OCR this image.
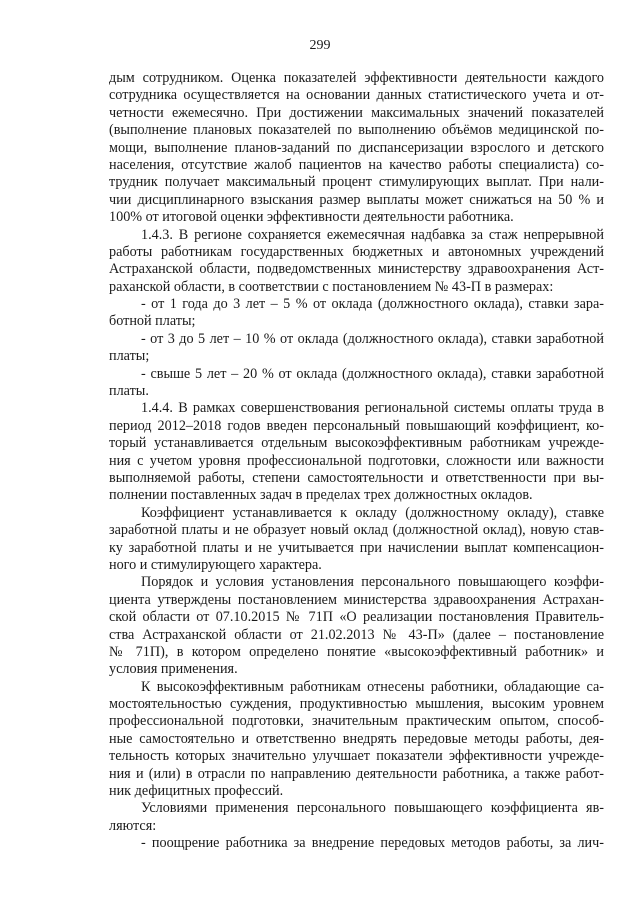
299
дым сотрудником. Оценка показателей эффективности деятельности каждого
сотрудника осуществляется на основании данных статистического учета и от-
четности ежемесячно. При достижении максимальных значений показателей
(выполнение плановых показателей по выполнению объёмов медицинской по-
мощи, выполнение планов-заданий по диспансеризации взрослого и детского
населения, отсутствие жалоб пациентов на качество работы специалиста) со-
трудник получает максимальный процент стимулирующих выплат. При нали-
чии дисциплинарного взыскания размер выплаты может снижаться на 50 % и
100% от итоговой оценки эффективности деятельности работника.
1.4.3. В регионе сохраняется ежемесячная надбавка за стаж непрерывной
работы работникам государственных бюджетных и автономных учреждений
Астраханской области, подведомственных министерству здравоохранения Аст-
раханской области, в соответствии с постановлением № 43-П в размерах:
- от 1 года до 3 лет – 5 % от оклада (должностного оклада), ставки зара-
ботной платы;
- от 3 до 5 лет – 10 % от оклада (должностного оклада), ставки заработной
платы;
- свыше 5 лет – 20 % от оклада (должностного оклада), ставки заработной
платы.
1.4.4. В рамках совершенствования региональной системы оплаты труда в
период 2012–2018 годов введен персональный повышающий коэффициент, ко-
торый устанавливается отдельным высокоэффективным работникам учрежде-
ния с учетом уровня профессиональной подготовки, сложности или важности
выполняемой работы, степени самостоятельности и ответственности при вы-
полнении поставленных задач в пределах трех должностных окладов.
Коэффициент устанавливается к окладу (должностному окладу), ставке
заработной платы и не образует новый оклад (должностной оклад), новую став-
ку заработной платы и не учитывается при начислении выплат компенсацион-
ного и стимулирующего характера.
Порядок и условия установления персонального повышающего коэффи-
циента утверждены постановлением министерства здравоохранения Астрахан-
ской области от 07.10.2015 № 71П «О реализации постановления Правитель-
ства Астраханской области от 21.02.2013 № 43-П» (далее – постановление
№ 71П), в котором определено понятие «высокоэффективный работник» и
условия применения.
К высокоэффективным работникам отнесены работники, обладающие са-
мостоятельностью суждения, продуктивностью мышления, высоким уровнем
профессиональной подготовки, значительным практическим опытом, способ-
ные самостоятельно и ответственно внедрять передовые методы работы, дея-
тельность которых значительно улучшает показатели эффективности учрежде-
ния и (или) в отрасли по направлению деятельности работника, а также работ-
ник дефицитных профессий.
Условиями применения персонального повышающего коэффициента яв-
ляются:
- поощрение работника за внедрение передовых методов работы, за лич-
